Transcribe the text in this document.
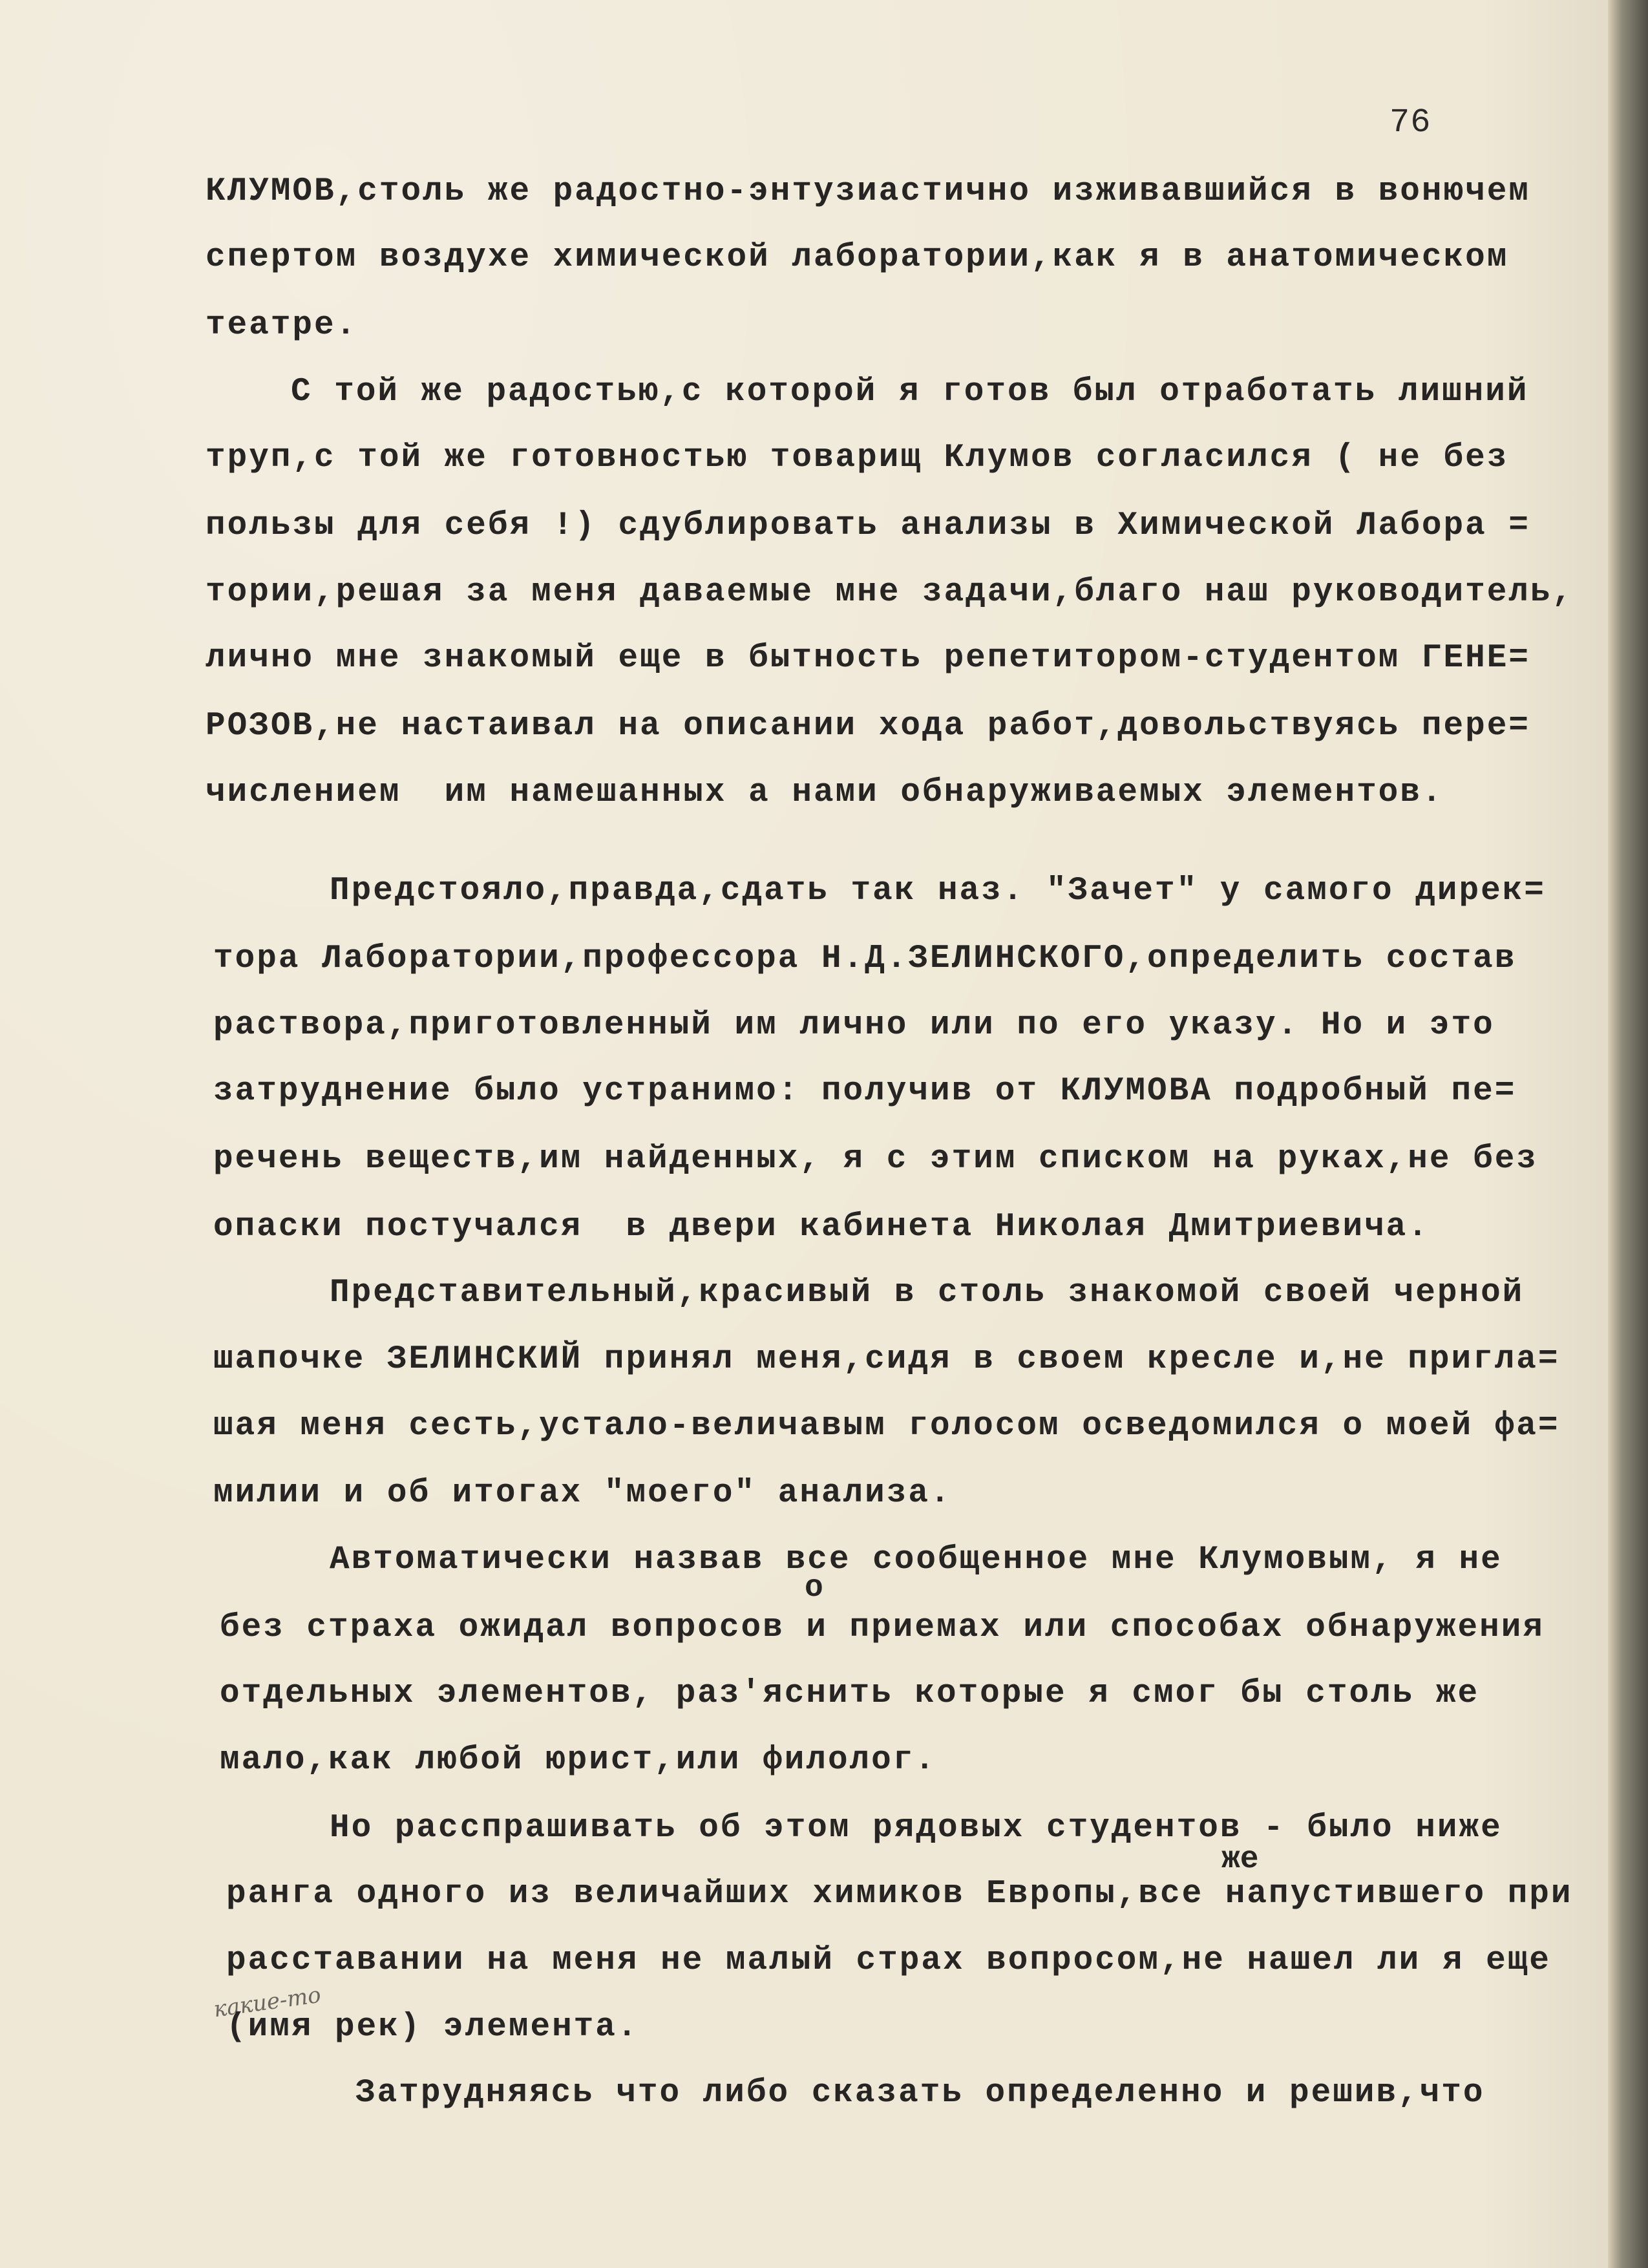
76
КЛУМОВ,столь же радостно-энтузиастично изживавшийся в вонючем
спертом воздухе химической лаборатории,как я в анатомическом
театре.
С той же радостью,с которой я готов был отработать лишний
труп,с той же готовностью товарищ Клумов согласился ( не без
пользы для себя !) сдублировать анализы в Химической Лабора =
тории,решая за меня даваемые мне задачи,благо наш руководитель,
лично мне знакомый еще в бытность репетитором-студентом ГЕНЕ=
РОЗОВ,не настаивал на описании хода работ,довольствуясь пере=
числением  им намешанных а нами обнаруживаемых элементов.
Предстояло,правда,сдать так наз. "Зачет" у самого дирек=
тора Лаборатории,профессора Н.Д.ЗЕЛИНСКОГО,определить состав
раствора,приготовленный им лично или по его указу. Но и это
затруднение было устранимо: получив от КЛУМОВА подробный пе=
речень веществ,им найденных, я с этим списком на руках,не без
опаски постучался  в двери кабинета Николая Дмитриевича.
Представительный,красивый в столь знакомой своей черной
шапочке ЗЕЛИНСКИЙ принял меня,сидя в своем кресле и,не пригла=
шая меня сесть,устало-величавым голосом осведомился о моей фа=
милии и об итогах "моего" анализа.
Автоматически назвав все сообщенное мне Клумовым, я не
о
без страха ожидал вопросов и приемах или способах обнаружения
отдельных элементов, раз'яснить которые я смог бы столь же
мало,как любой юрист,или филолог.
Но расспрашивать об этом рядовых студентов - было ниже
же
ранга одного из величайших химиков Европы,все напустившего при
расставании на меня не малый страх вопросом,не нашел ли я еще
какие-то
(имя рек) элемента.
Затрудняясь что либо сказать определенно и решив,что
